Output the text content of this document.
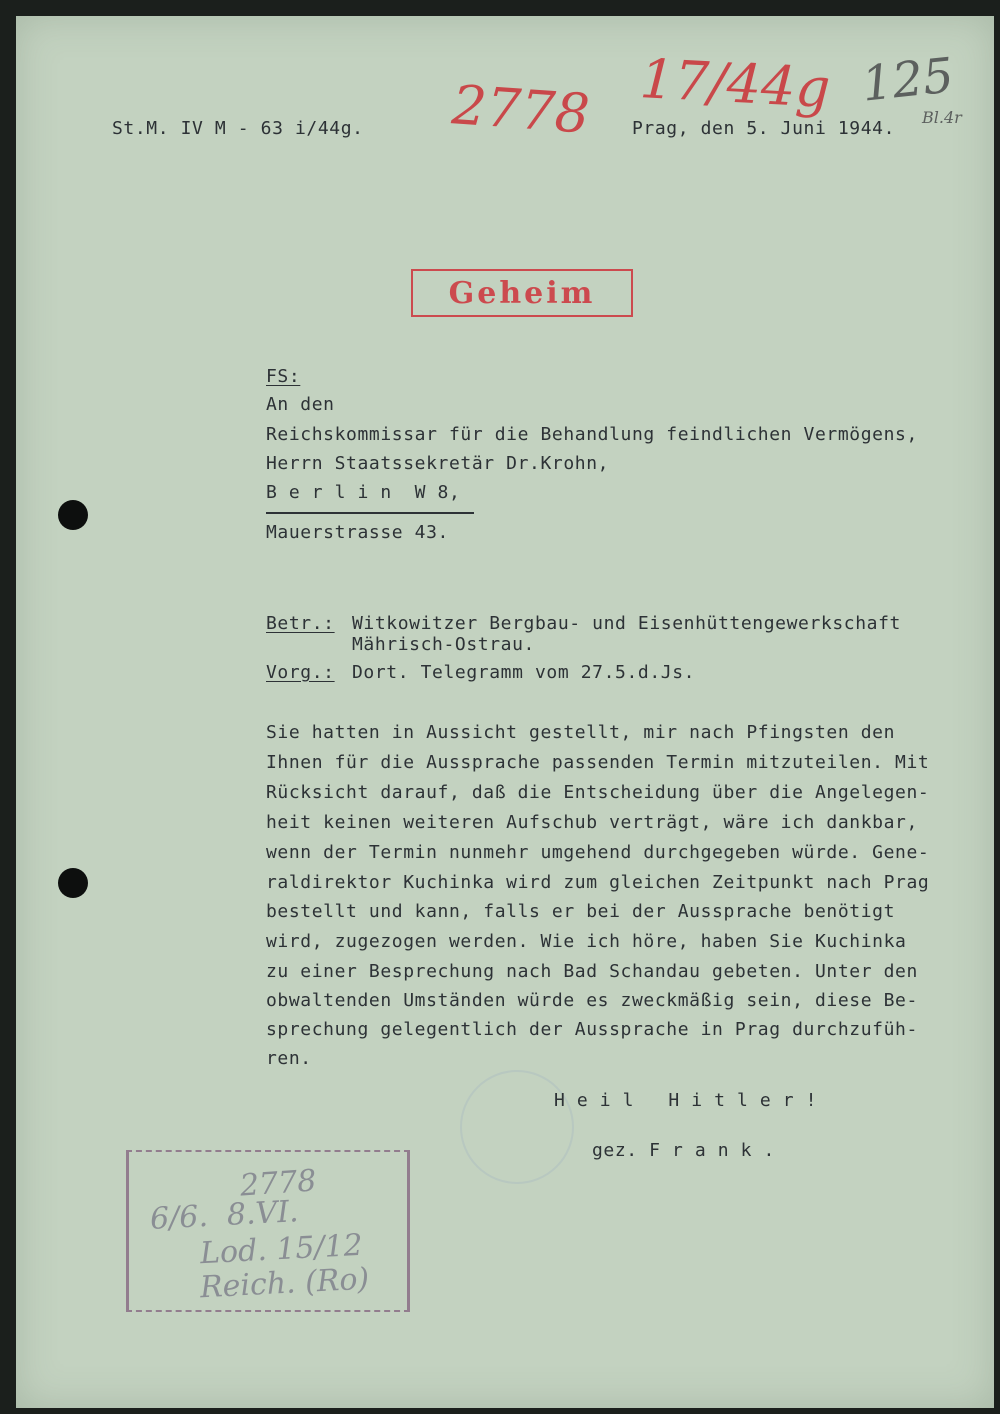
St.M. IV M - 63 i/44g.	Prag, den 5. Juni 1944.
2778 17/44g 125
Bl.4r
Geheim
FS:
An den
Reichskommissar für die Behandlung feindlichen Vermögens,
Herrn Staatssekretär Dr.Krohn,
B e r l i n  W 8,
Mauerstrasse 43.
Betr.: Witkowitzer Bergbau- und Eisenhüttengewerkschaft
Mährisch-Ostrau.
Vorg.: Dort. Telegramm vom 27.5.d.Js.
Sie hatten in Aussicht gestellt, mir nach Pfingsten den
Ihnen für die Aussprache passenden Termin mitzuteilen. Mit
Rücksicht darauf, daß die Entscheidung über die Angelegen-
heit keinen weiteren Aufschub verträgt, wäre ich dankbar,
wenn der Termin nunmehr umgehend durchgegeben würde. Gene-
raldirektor Kuchinka wird zum gleichen Zeitpunkt nach Prag
bestellt und kann, falls er bei der Aussprache benötigt
wird, zugezogen werden. Wie ich höre, haben Sie Kuchinka
zu einer Besprechung nach Bad Schandau gebeten. Unter den
obwaltenden Umständen würde es zweckmäßig sein, diese Be-
sprechung gelegentlich der Aussprache in Prag durchzufüh-
ren.
H e i l   H i t l e r !
gez. F r a n k .
2778
6/6.  8.VI.
Lod. 15/12
Reich. (Ro)
